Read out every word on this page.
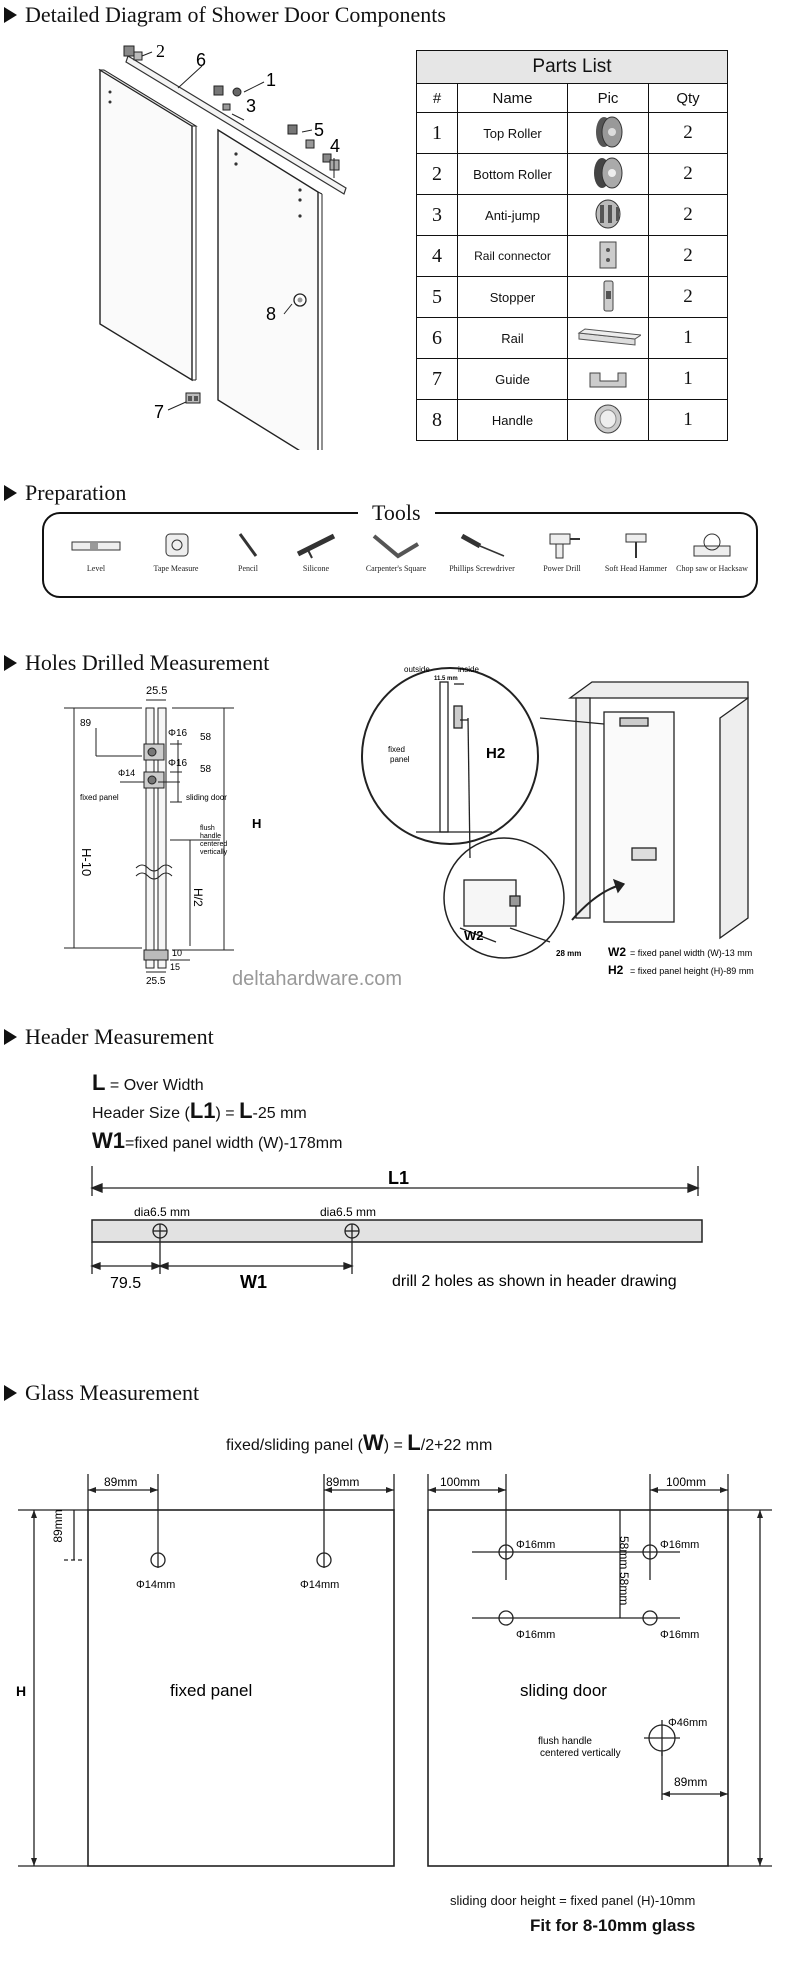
Detailed Diagram of Shower Door Components
2 6
1
3
5
4
7
8
Parts List			
#	Name	Pic	Qty
1	Top Roller		2
2	Bottom Roller		2
3	Anti-jump		2
4	Rail connector		2
5	Stopper		2
6	Rail		1
7	Guide		1
8	Handle		1
Preparation
Tools
Level	Tape Measure	Pencil	Silicone	Carpenter's Square	Phillips Screwdriver	Power Drill	Soft Head Hammer	Chop saw or Hacksaw
Holes Drilled Measurement
25.5
89
Φ16 58
Φ14
Φ16
58
fixed panel	sliding door
flush
handle
centered
vertically
H-10
H
H/2
10
15
25.5
outside	inside
11.5 mm
fixed
panel	H2
W2
28 mm W2 = fixed panel width (W)-13 mm
H2 = fixed panel height (H)-89 mm
deltahardware.com
Header Measurement
L = Over Width
Header Size (L1) = L-25 mm
W1=fixed panel width (W)-178mm
L1
dia6.5 mm	dia6.5 mm
79.5	W1	drill 2 holes as shown in header drawing
Glass Measurement
fixed/sliding panel (W) = L/2+22 mm
89mm	89mm
89mm
Φ14mm	Φ14mm
H	fixed panel
100mm	100mm
58mm
58mm
Φ16mm	Φ16mm
Φ16mm	Φ16mm
sliding door
Φ46mm
flush handle
centered vertically
89mm
sliding door height = fixed panel (H)-10mm
Fit for 8-10mm glass
